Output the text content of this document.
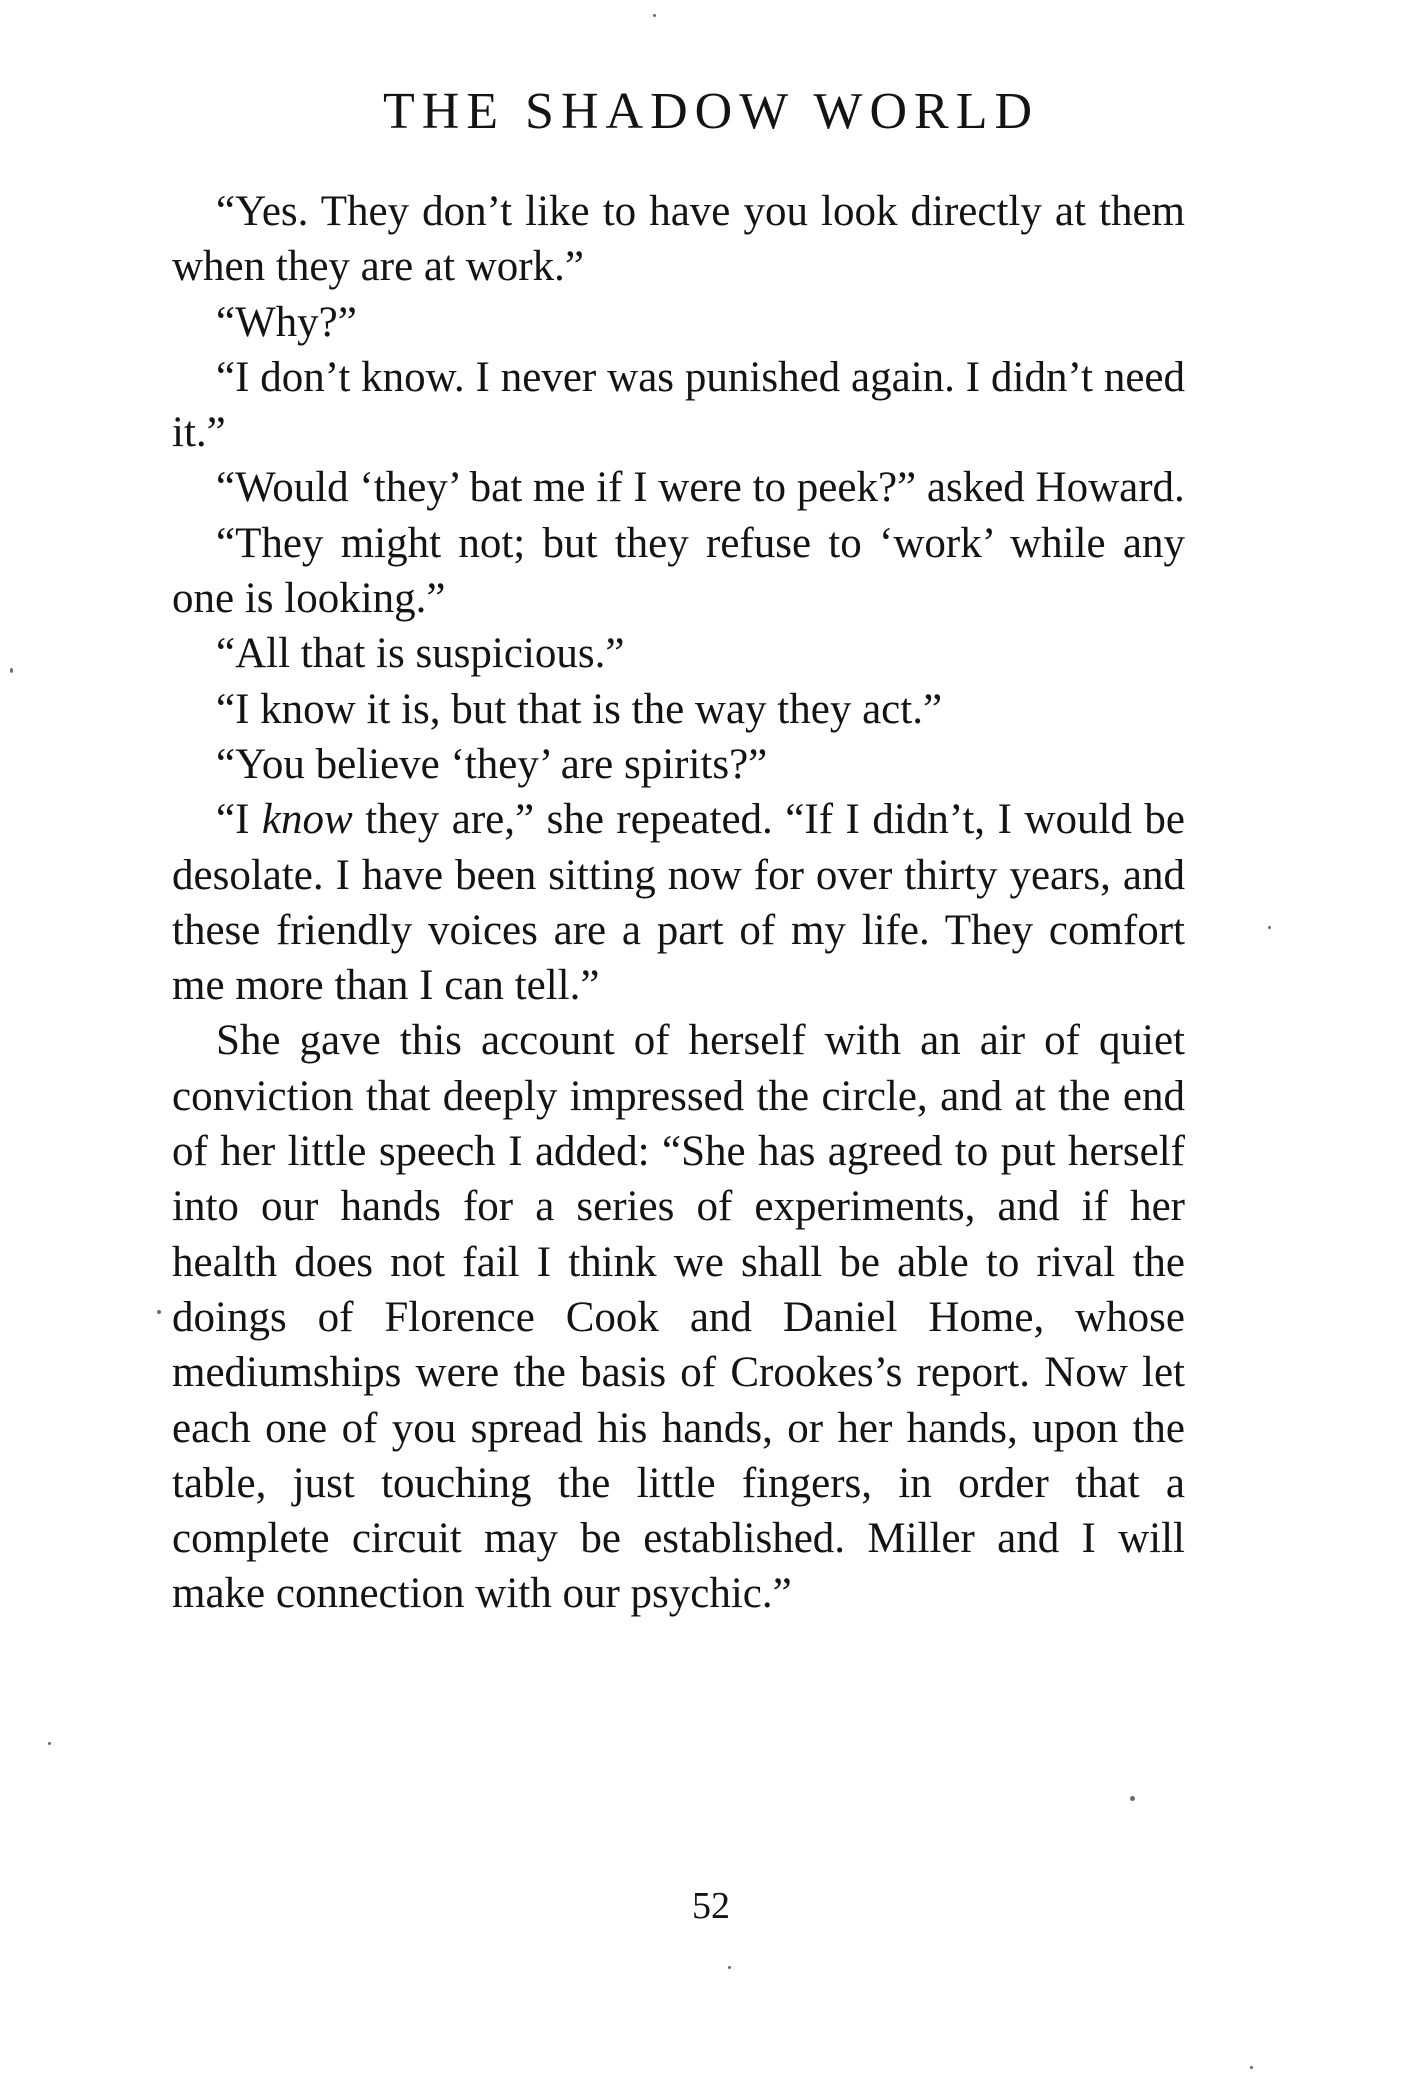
THE SHADOW WORLD

“Yes. They don’t like to have you look directly at them when they are at work.”

“Why?”

“I don’t know. I never was punished again. I didn’t need it.”

“Would ‘they’ bat me if I were to peek?” asked Howard.

“They might not; but they refuse to ‘work’ while any one is looking.”

“All that is suspicious.”

“I know it is, but that is the way they act.”

“You believe ‘they’ are spirits?”

“I know they are,” she repeated. “If I didn’t, I would be desolate. I have been sitting now for over thirty years, and these friendly voices are a part of my life. They comfort me more than I can tell.”

She gave this account of herself with an air of quiet conviction that deeply impressed the circle, and at the end of her little speech I added: “She has agreed to put herself into our hands for a series of experiments, and if her health does not fail I think we shall be able to rival the doings of Florence Cook and Daniel Home, whose mediumships were the basis of Crookes’s report. Now let each one of you spread his hands, or her hands, upon the table, just touching the little fingers, in order that a complete circuit may be established. Miller and I will make connection with our psychic.”

52
